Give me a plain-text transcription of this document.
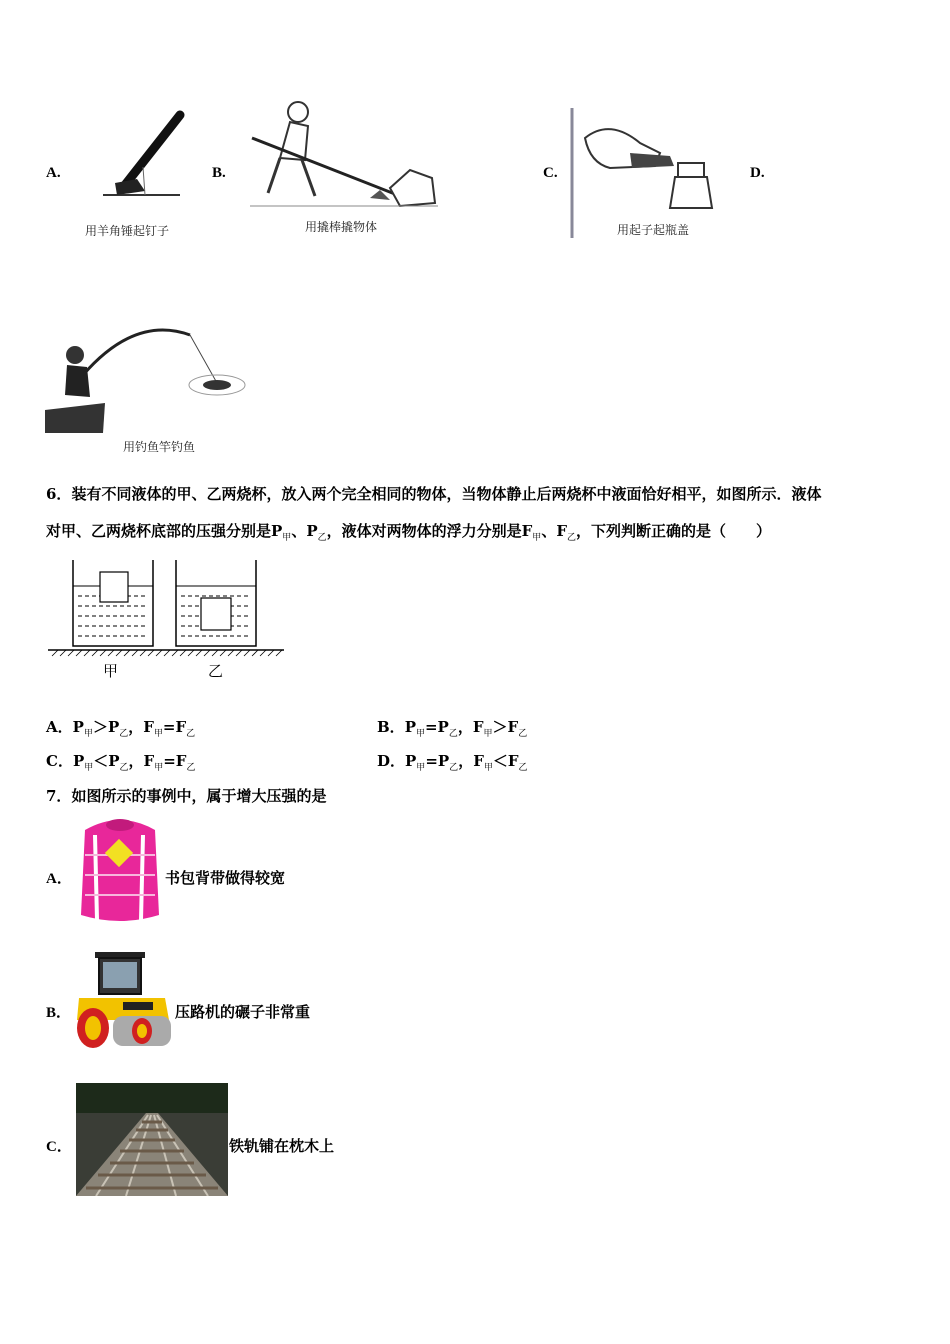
A.
用羊角锤起钉子
B.
用撬棒撬物体
C.
用起子起瓶盖
D.
用钓鱼竿钓鱼
6．装有不同液体的甲、乙两烧杯，放入两个完全相同的物体，当物体静止后两烧杯中液面恰好相平，如图所示．液体
对甲、乙两烧杯底部的压强分别是$P_甲$、$P_乙$，液体对两物体的浮力分别是$F_甲$、$F_乙$，下列判断正确的是（　　）
甲	乙
A．$P_甲>P_乙$，$F_甲=F_乙$	B．$P_甲=P_乙$，$F_甲>F_乙$
C．$P_甲<P_乙$，$F_甲=F_乙$	D．$P_甲=P_乙$，$F_甲<F_乙$
7．如图所示的事例中，属于增大压强的是
A．	书包背带做得较宽
B．	压路机的碾子非常重
C．	铁轨铺在枕木上
